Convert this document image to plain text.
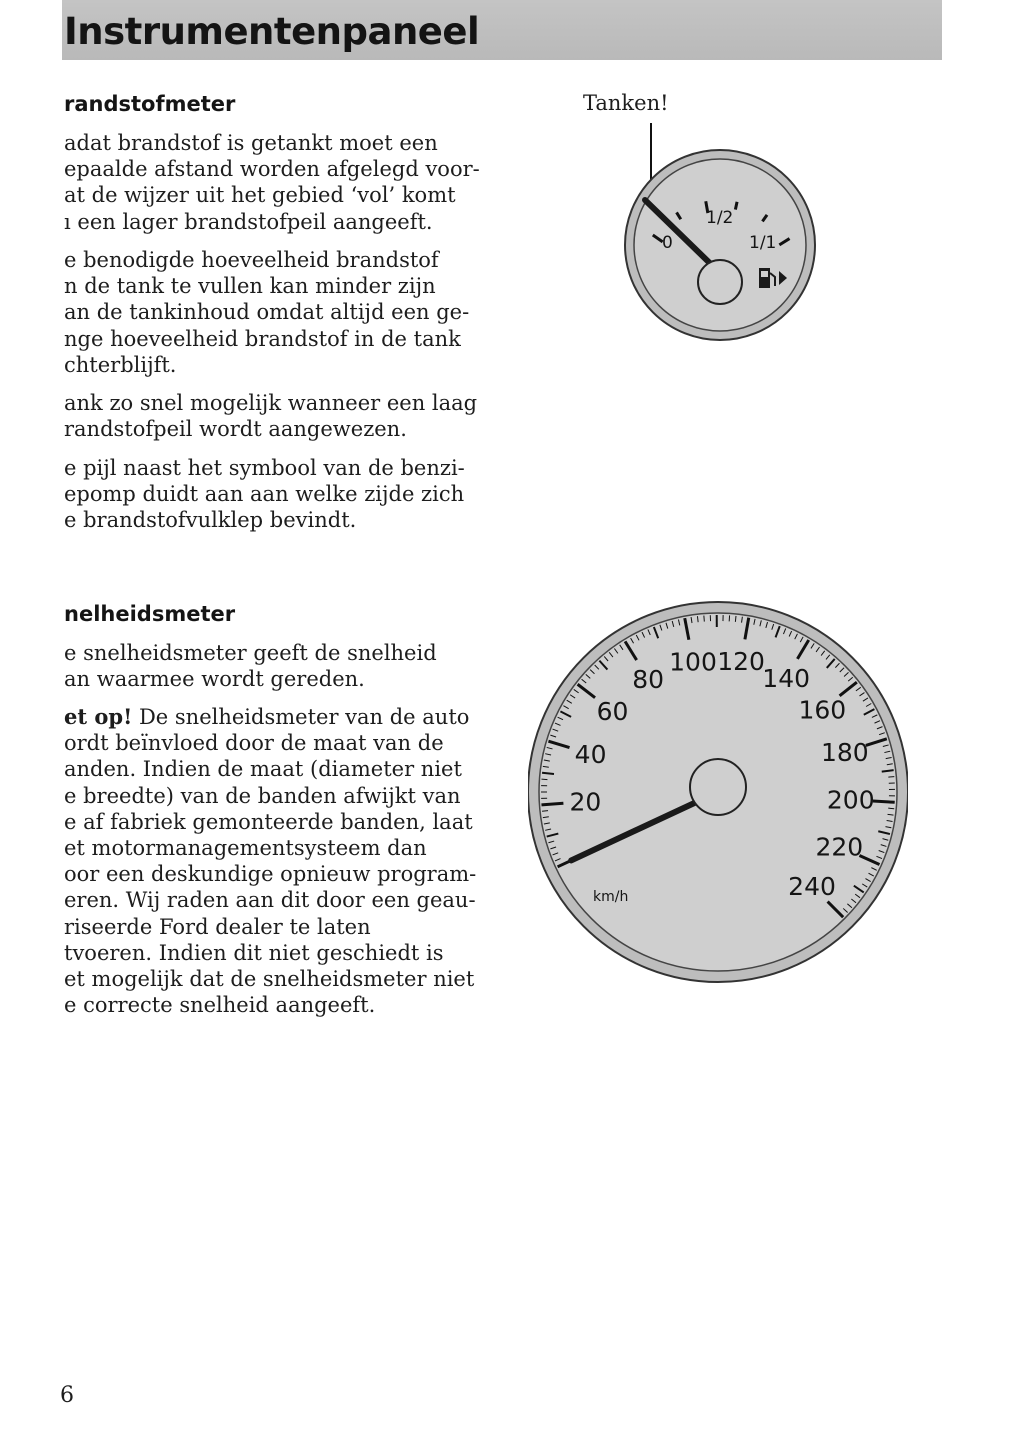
Instrumentenpaneel
randstofmeter
adat brandstof is getankt moet een
epaalde afstand worden afgelegd voor-
at de wijzer uit het gebied ‘vol’ komt
ı een lager brandstofpeil aangeeft.
e benodigde hoeveelheid brandstof
n de tank te vullen kan minder zijn
an de tankinhoud omdat altijd een ge-
nge hoeveelheid brandstof in de tank
chterblijft.
ank zo snel mogelijk wanneer een laag
randstofpeil wordt aangewezen.
e pijl naast het symbool van de benzi-
epomp duidt aan aan welke zijde zich
e brandstofvulklep bevindt.
nelheidsmeter
e snelheidsmeter geeft de snelheid
an waarmee wordt gereden.
et op! De snelheidsmeter van de auto
ordt beïnvloed door de maat van de
anden. Indien de maat (diameter niet
e breedte) van de banden afwijkt van
e af fabriek gemonteerde banden, laat
et motormanagementsysteem dan
oor een deskundige opnieuw program-
eren. Wij raden aan dit door een geau-
riseerde Ford dealer te laten
tvoeren. Indien dit niet geschiedt is
et mogelijk dat de snelheidsmeter niet
e correcte snelheid aangeeft.
Tanken!
0
1/2
1/1
20
40
60
80
100 120
140
160
180
200
220
240
km/h
6
